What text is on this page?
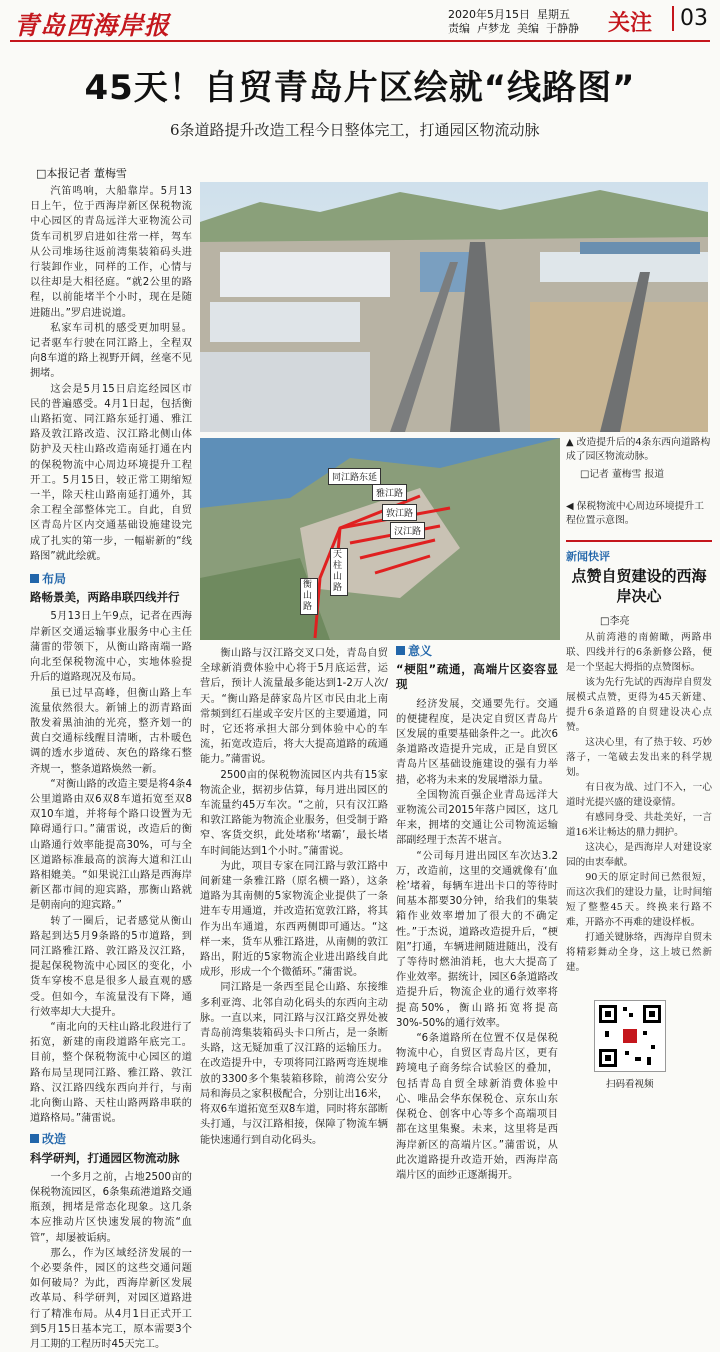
青岛西海岸报	2020年5月15日 星期五
责编 卢梦龙 美编 于静静 关注	03
45天！自贸青岛片区绘就“线路图”
6条道路提升改造工程今日整体完工，打通园区物流动脉
□本报记者 董梅雪

汽笛鸣响，大船靠岸。5月13日上午，位于西海岸新区保税物流中心园区的青岛远洋大亚物流公司货车司机罗启进如往常一样，驾车从公司堆场往返前湾集装箱码头进行装卸作业，同样的工作，心情与以往却是大相径庭。“就2公里的路程，以前能堵半个小时，现在是随进随出。”罗启进说道。

私家车司机的感受更加明显。记者驱车行驶在同江路上，全程双向8车道的路上视野开阔，丝毫不见拥堵。

这会是5月15日启迄经园区市民的普遍感受。4月1日起，包括衡山路拓宽、同江路东延打通、雅江路及敦江路改造、汉江路北侧山体防护及天柱山路改造南延打通在内的保税物流中心周边环境提升工程开工。5月15日，较正常工期缩短一半，除天柱山路南延打通外，其余工程全部整体完工。自此，自贸区青岛片区内交通基础设施建设完成了扎实的第一步，一幅崭新的“线路图”就此绘就。

布局
路畅景美，两路串联四线并行

5月13日上午9点，记者在西海岸新区交通运输事业服务中心主任蒲雷的带领下，从衡山路南端一路向北至保税物流中心，实地体验提升后的道路现况及布局。

虽已过早高峰，但衡山路上车流量依然很大。新铺上的沥青路面散发着黑油油的光亮，整齐划一的黄白交通标线醒目清晰，古朴暖色调的透水步道砖、灰色的路缘石整齐规一，整条道路焕然一新。

“对衡山路的改造主要是将4条4公里道路由双6双8车道拓宽至双8双10车道，并将每个路口设置为无障碍通行口。”蒲雷说，改造后的衡山路通行效率能提高30%，可与全区道路标准最高的滨海大道和江山路相媲美。“如果说江山路是西海岸新区都市间的迎宾路，那衡山路就是朝南向的迎宾路。”

转了一圈后，记者感觉从衡山路起到达5月9条路的5市道路，到同江路雅江路、敦江路及汉江路，提起保税物流中心园区的变化，小货车穿梭不息是很多人最直观的感受。但如今，车流量没有下降，通行效率却大大提升。

“南北向的天柱山路北段进行了拓宽，新建的南段道路年底完工。目前，整个保税物流中心园区的道路布局呈现同江路、雅江路、敦江路、汉江路四线东西向并行，与南北向衡山路、天柱山路两路串联的道路格局。”蒲雷说。

改造
科学研判，打通园区物流动脉

一个多月之前，占地2500亩的保税物流园区，6条集疏港道路交通瓶颈，拥堵是常态化现象。这几条本应推动片区快速发展的物流“血管”，却屡被诟病。

那么，作为区域经济发展的一个必要条件，园区的这些交通问题如何破局？为此，西海岸新区发展改革局、科学研判，对园区道路进行了精准布局。从4月1日正式开工到5月15日基本完工，原本需要3个月工期的工程历时45天完工。

▲ 改造提升后的4条东西向道路构成了园区物流动脉。
□记者 董梅雪 报道
◀ 保税物流中心周边环境提升工程位置示意图。
同江路东延
雅江路
敦江路
汉江路
天柱山路
衡山路

衡山路与汉江路交叉口处，青岛自贸全球新消费体验中心将于5月底运营，运营后，预计人流量最多能达到1-2万人次/天。“衡山路是薛家岛片区市民由北上南常频到红石崖或辛安片区的主要通道，同时，它还将承担大部分到体验中心的车流，拓宽改造后，将大大提高道路的疏通能力。”蒲雷说。

2500亩的保税物流园区内共有15家物流企业，据初步估算，每月进出园区的车流量约45万车次。“之前，只有汉江路和敦江路能为物流企业服务，但受制于路窄、客货交织，此处堵称‘堵霸’，最长堵车时间能达到1个小时。”蒲雷说。

为此，项目专家在同江路与敦江路中间新建一条雅江路（原名横一路），这条道路为其南侧的5家物流企业提供了一条进车专用通道，并改造拓宽敦江路，将其作为出车通道，东西两侧即可通达。“这样一来，货车从雅江路进，从南侧的敦江路出，附近的5家物流企业进出路线自此成形，形成一个个微循环。”蒲雷说。

同江路是一条西至昆仑山路、东接维多利亚湾、北邻自动化码头的东西向主动脉。一直以来，同江路与汉江路交界处被青岛前湾集装箱码头卡口所占，是一条断头路，这无疑加重了汉江路的运输压力。在改造提升中，专项将同江路两弯连规堆放的3300多个集装箱移除，前湾公安分局和海员之家积极配合，分别让出16米，将双6车道拓宽至双8车道，同时将东部断头打通，与汉江路相接，保障了物流车辆能快速通行到自动化码头。

意义
“梗阻”疏通，高端片区姿容显现

经济发展，交通要先行。交通的便捷程度，是决定自贸区青岛片区发展的重要基础条件之一。此次6条道路改造提升完成，正是自贸区青岛片区基础设施建设的强有力举措，必将为未来的发展增添力量。

全国物流百强企业青岛远洋大亚物流公司2015年落户园区，这几年来，拥堵的交通让公司物流运输部副经理于杰苦不堪言。

“公司每月进出园区车次达3.2万，改造前，这里的交通就像有‘血栓’堵着，每辆车进出卡口的等待时间基本都要30分钟，给我们的集装箱作业效率增加了很大的不确定性。”于杰说，道路改造提升后，“梗阻”打通，车辆进闸随进随出，没有了等待时燃油消耗，也大大提高了作业效率。据统计，园区6条道路改造提升后，物流企业的通行效率将提高50%，衡山路拓宽将提高30%-50%的通行效率。

“6条道路所在位置不仅是保税物流中心，自贸区青岛片区，更有跨境电子商务综合试验区的叠加，包括青岛自贸全球新消费体验中心、唯品会华东保税仓、京东山东保税仓、创客中心等多个高端项目都在这里集聚。未来，这里将是西海岸新区的高端片区。”蒲雷说，从此次道路提升改造开始，西海岸高端片区的面纱正逐渐揭开。

新闻快评
点赞自贸建设的西海岸决心
□李亮

从前湾港的南俯瞰，两路串联、四线并行的6条新修公路，便是一个坚起大拇指的点赞图标。

该为先行先试的西海岸自贸发展模式点赞，更得为45天新建、提升6条道路的自贸建设决心点赞。

这决心里，有了热于较、巧妙落子，一笔破去发出来的科学规划。

有日夜为战、过门不入，一心道时光提兴盛的建设豪情。

有感同身受、共赴美好，一言道16米让畅达的鼎力拥护。

这决心，是西海岸人对建设家园的由衷奉献。

90天的原定时间已然很短，而这次我们的建设力量，让时间缩短了整整45天。终换来行路不难，开路亦不再难的建设样板。

打通关键脉络，西海岸自贸未将精彩舞动全身，这上坡已然新建。

扫码看视频
